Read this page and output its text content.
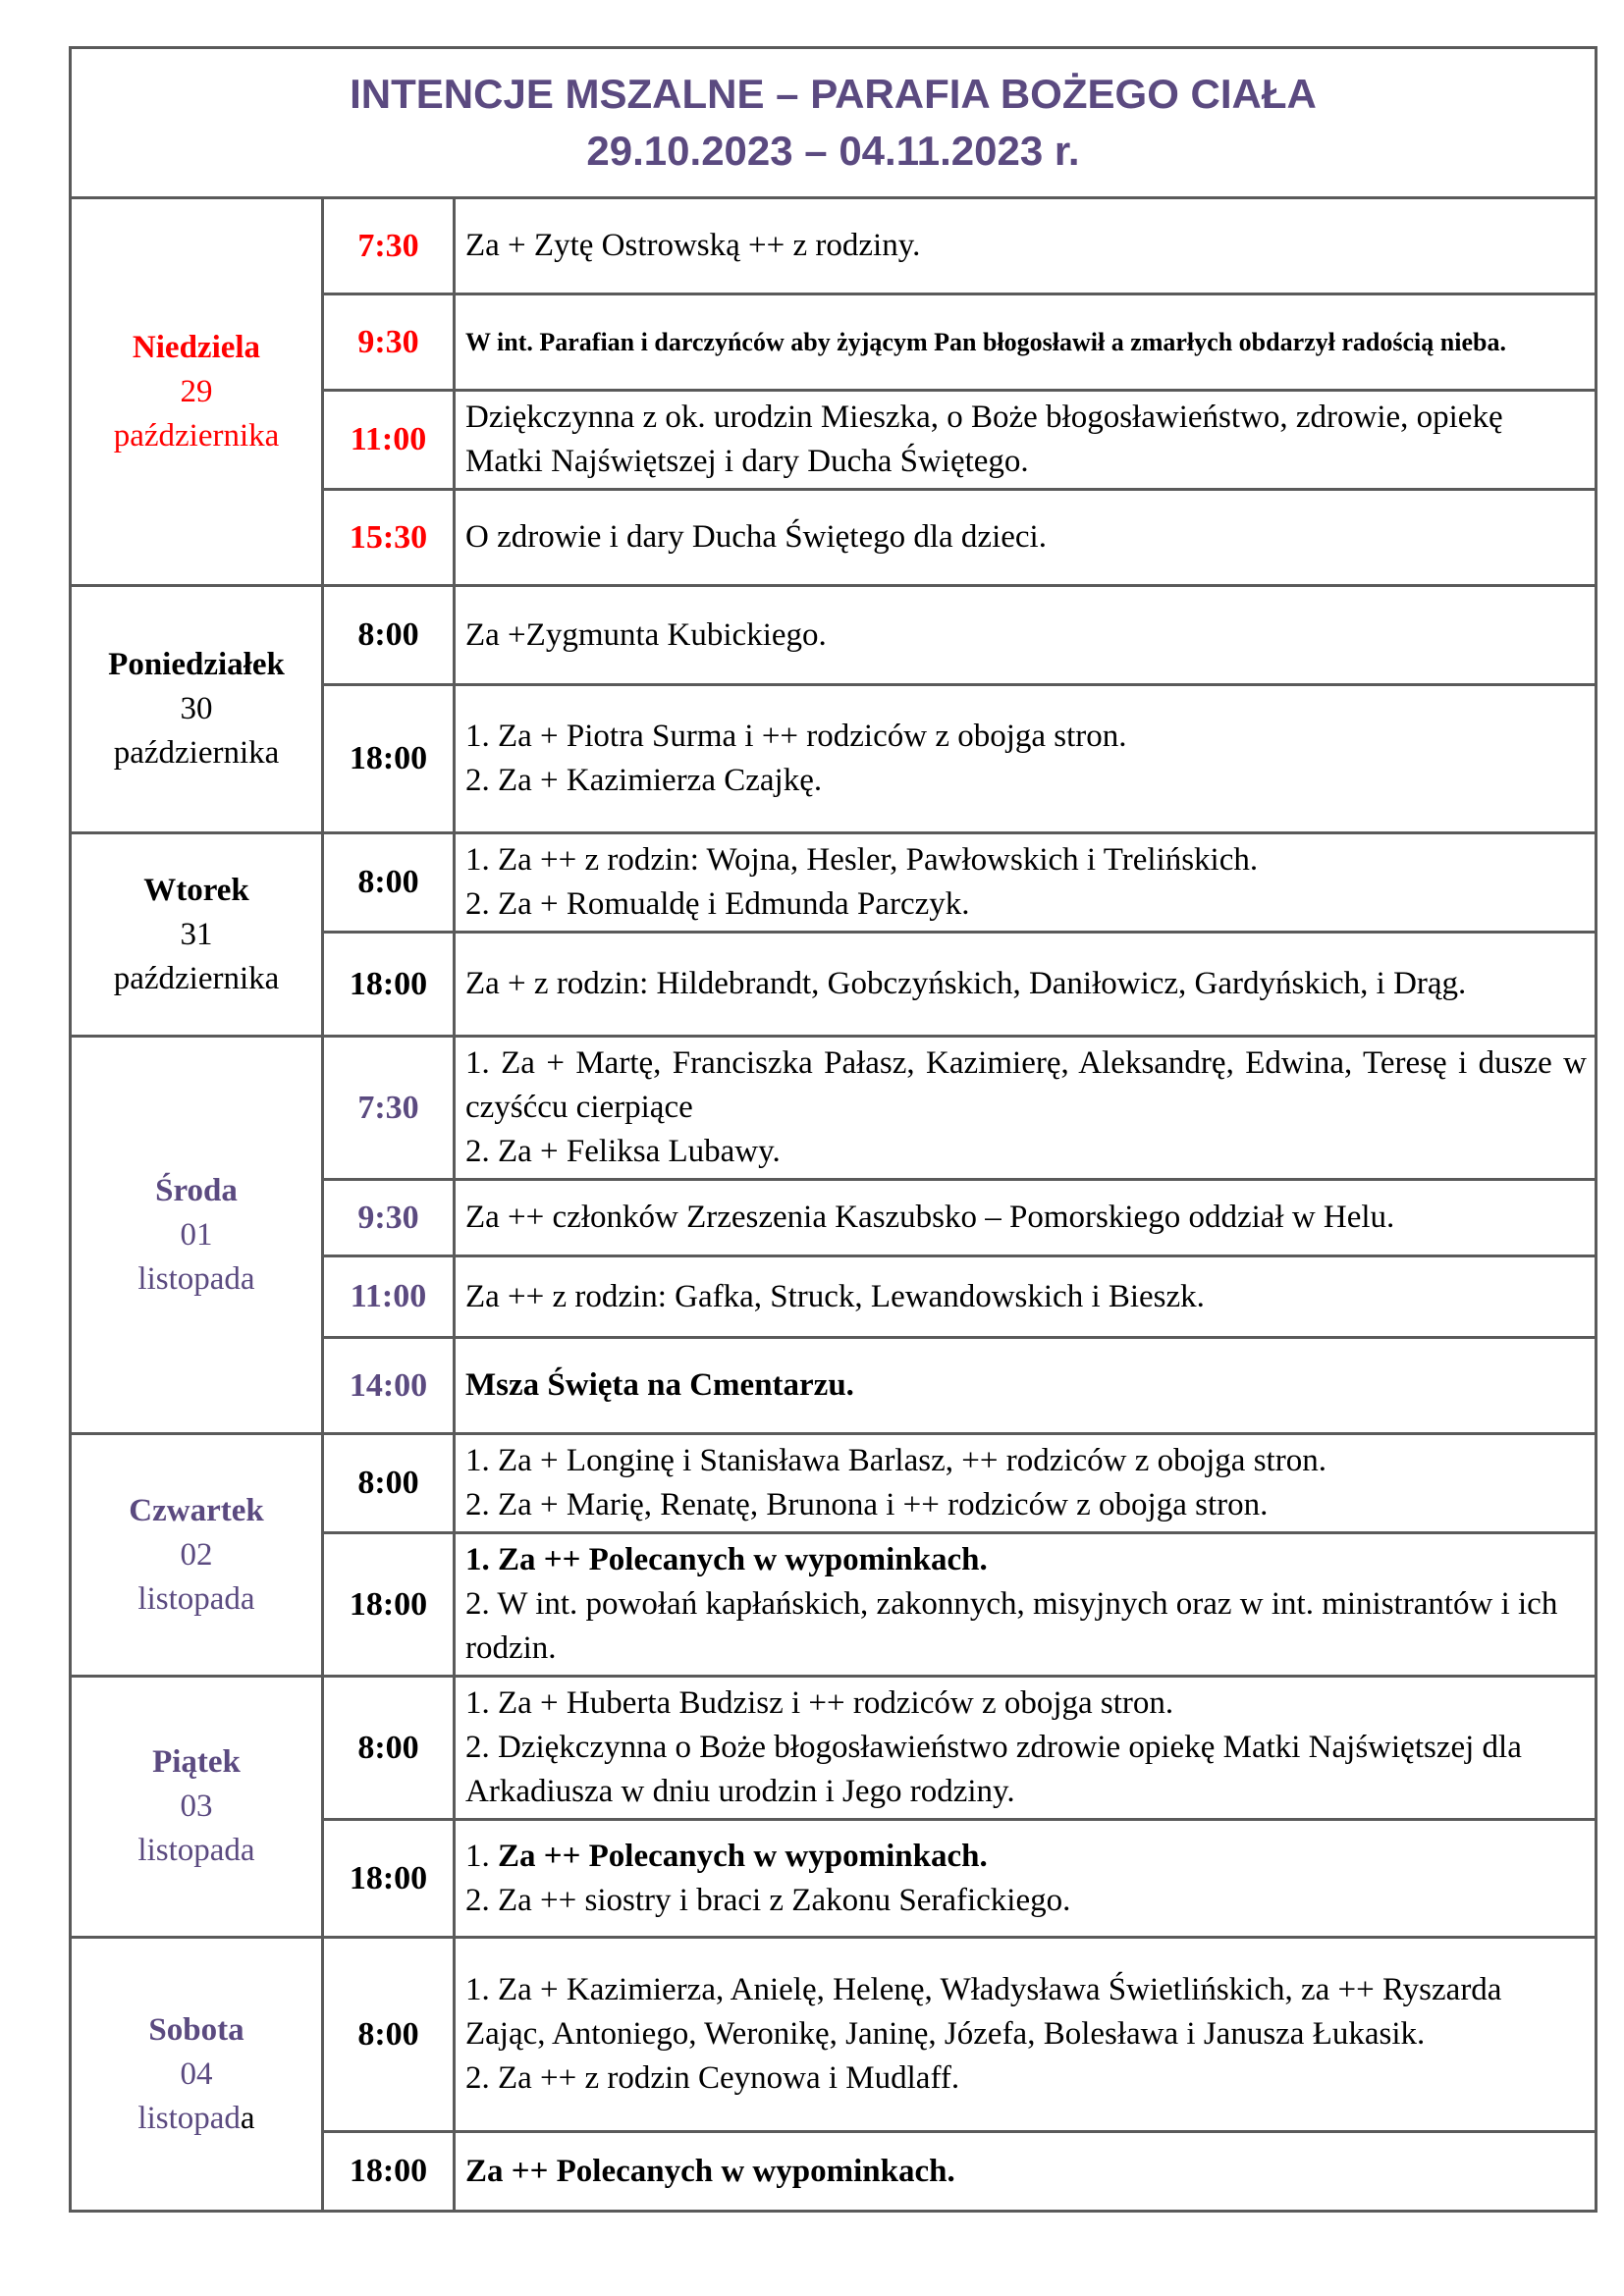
INTENCJE MSZALNE – PARAFIA BOŻEGO CIAŁA
29.10.2023 – 04.11.2023 r.		

Niedziela
29
października	7:30	Za + Zytę Ostrowską ++ z rodziny.

	9:30	W int. Parafian i darczyńców aby żyjącym Pan błogosławił a zmarłych obdarzył radością nieba.

	11:00	Dziękczynna z ok. urodzin Mieszka, o Boże błogosławieństwo, zdrowie, opiekę Matki Najświętszej i dary Ducha Świętego.

	15:30	O zdrowie i dary Ducha Świętego dla dzieci.

Poniedziałek
30
października	8:00	Za +Zygmunta Kubickiego.

	18:00	1. Za + Piotra Surma i ++ rodziców z obojga stron.
2. Za + Kazimierza Czajkę.

Wtorek
31
października	8:00	1. Za ++ z rodzin: Wojna, Hesler, Pawłowskich i Trelińskich.
2. Za + Romualdę i Edmunda Parczyk.

	18:00	Za + z rodzin: Hildebrandt, Gobczyńskich, Daniłowicz, Gardyńskich, i Drąg.

Środa
01
listopada	7:30	1. Za + Martę, Franciszka Pałasz, Kazimierę, Aleksandrę, Edwina, Teresę i dusze w czyśćcu cierpiące
2. Za + Feliksa Lubawy.

	9:30	Za ++ członków Zrzeszenia Kaszubsko – Pomorskiego oddział w Helu.

	11:00	Za ++ z rodzin: Gafka, Struck, Lewandowskich i Bieszk.

	14:00	Msza Święta na Cmentarzu.

Czwartek
02
listopada	8:00	1. Za + Longinę i Stanisława Barlasz, ++ rodziców z obojga stron.
2. Za + Marię, Renatę, Brunona i ++ rodziców z obojga stron.

	18:00	1. Za ++ Polecanych w wypominkach.
2. W int. powołań kapłańskich, zakonnych, misyjnych oraz w int. ministrantów i ich rodzin.

Piątek
03
listopada	8:00	1. Za + Huberta Budzisz i ++ rodziców z obojga stron.
2. Dziękczynna o Boże błogosławieństwo zdrowie opiekę Matki Najświętszej dla Arkadiusza w dniu urodzin i Jego rodziny.

	18:00	1. Za ++ Polecanych w wypominkach.
2. Za ++ siostry i braci z Zakonu Serafickiego.

Sobota
04
listopada	8:00	1. Za + Kazimierza, Anielę, Helenę, Władysława Świetlińskich, za ++ Ryszarda Zając, Antoniego, Weronikę, Janinę, Józefa, Bolesława i Janusza Łukasik.
2. Za ++ z rodzin Ceynowa i Mudlaff.

	18:00	Za ++ Polecanych w wypominkach.
